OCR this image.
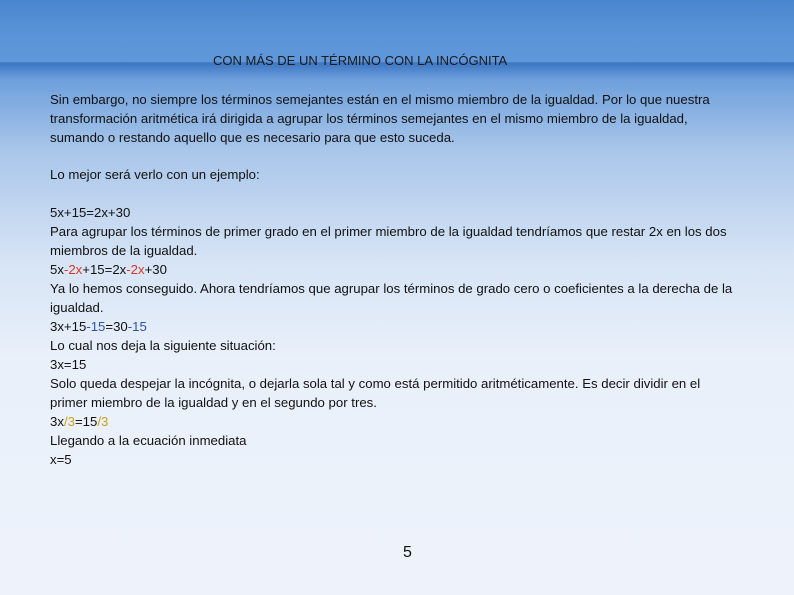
CON MÁS DE UN TÉRMINO CON LA INCÓGNITA
Sin embargo, no siempre los términos semejantes están en el mismo miembro de la igualdad. Por lo que nuestra transformación aritmética irá dirigida a agrupar los términos semejantes en el mismo miembro de la igualdad, sumando o restando aquello que es necesario para que esto suceda.
Lo mejor será verlo con un ejemplo:
5x+15=2x+30
Para agrupar los términos de primer grado en el primer miembro de la igualdad tendríamos que restar 2x en los dos miembros de la igualdad.
5x-2x+15=2x-2x+30
Ya lo hemos conseguido. Ahora tendríamos que agrupar los términos de grado cero o coeficientes a la derecha de la igualdad.
3x+15-15=30-15
Lo cual nos deja la siguiente situación:
3x=15
Solo queda despejar la incógnita, o dejarla sola tal y como está permitido aritméticamente. Es decir dividir en el primer miembro de la igualdad y en el segundo por tres.
3x/3=15/3
Llegando a la ecuación inmediata
x=5
5
